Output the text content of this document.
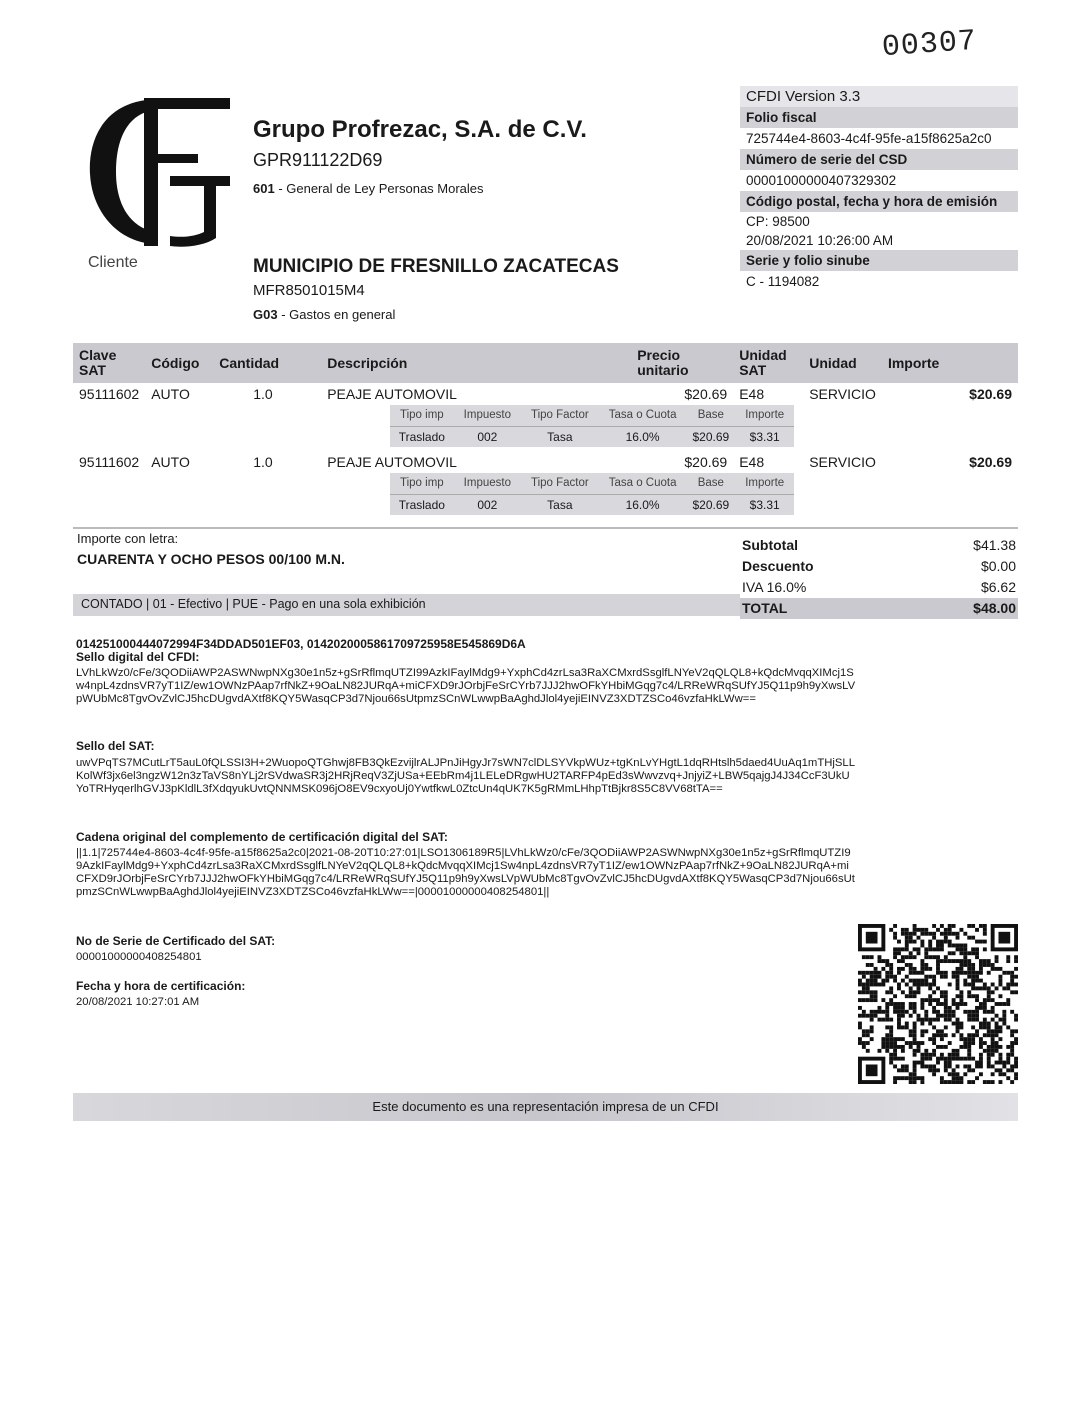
00307
Grupo Profrezac, S.A. de C.V.
GPR911122D69
601 - General de Ley Personas Morales
CFDI Version 3.3
Folio fiscal
725744e4-8603-4c4f-95fe-a15f8625a2c0
Número de serie del CSD
00001000000407329302
Código postal, fecha y hora de emisión
CP: 98500
20/08/2021 10:26:00 AM
Serie y folio sinube
C - 1194082
Cliente	MUNICIPIO DE FRESNILLO ZACATECAS
MFR8501015M4
G03 - Gastos en general
Clave SAT	Código	Cantidad	Descripción	Precio unitario	Unidad SAT	Unidad	Importe
95111602	AUTO	1.0	PEAJE AUTOMOVIL	$20.69	E48	SERVICIO	$20.69

Tipo imp	Impuesto	Tipo Factor	Tasa o Cuota	Base	Importe
Traslado	002	Tasa	16.0%	$20.69	$3.31

95111602	AUTO	1.0	PEAJE AUTOMOVIL	$20.69	E48	SERVICIO	$20.69

Tipo imp	Impuesto	Tipo Factor	Tasa o Cuota	Base	Importe
Traslado	002	Tasa	16.0%	$20.69	$3.31
Importe con letra:
CUARENTA Y OCHO PESOS 00/100 M.N.
Subtotal	$41.38
Descuento	$0.00
IVA 16.0%	$6.62
TOTAL	$48.00
CONTADO | 01 - Efectivo | PUE - Pago en una sola exhibición
014251000444072994F34DDAD501EF03, 01420200058617097259​58E545869D6A
Sello digital del CFDI:
LVhLkWz0/cFe/3QODiiAWP2ASWNwpNXg30e1n5z+gSrRflmqUTZI99AzkIFaylMdg9+YxphCd4zrLsa3RaXCMxrdSsglfLNYeV2qQLQL8+kQdcMvqqXIMcj1Sw4npL4zdnsVR7yT1IZ/ew1OWNzPAap7rfNkZ+9OaLN82JURqA+miCFXD9rJOrbjFeSrCYrb7JJJ2hwOFkYHbiMGqg7c4/LRReWRqSUfYJ5Q11p9h9yXwsLVpWUbMc8TgvOvZvlCJ5hcDUgvdAXtf8KQY5WasqCP3d7Njou66sUtpmzSCnWLwwpBaAghdJlol4yejiEINVZ3XDTZSCo46vzfaHkLWw==
Sello del SAT:
uwVPqTS7MCutLrT5auL0fQLSSI3H+2WuopoQTGhwj8FB3QkEzvijlrALJPnJiHgyJr7sWN7clDLSYVkpWUz+tgKnLvYHgtL1dqRHtslh5daed4UuAq1mTHjSLLKolWf3jx6el3ngzW12n3zTaVS8nYLj2rSVdwaSR3j2HRjReqV3ZjUSa+EEbRm4j1LELeDRgwHU2TARFP4pEd3sWwvzvq+JnjyiZ+LBW5qajgJ4J34CcF3UkUYoTRHyqerlhGVJ3pKldlL3fXdqyukUvtQNNMSK096jO8EV9cxyoUj0YwtfkwL0ZtcUn4qUK7K5gRMmLHhpTtBjkr8S5C8VV68tTA==
Cadena original del complemento de certificación digital del SAT:
||1.1|725744e4-8603-4c4f-95fe-a15f8625a2c0|2021-08-20T10:27:01|LSO1306189R5|LVhLkWz0/cFe/3QODiiAWP2ASWNwpNXg30e1n5z+gSrRflmqUTZI99AzkIFaylMdg9+YxphCd4zrLsa3RaXCMxrdSsglfLNYeV2qQLQL8+kQdcMvqqXIMcj1Sw4npL4zdnsVR7yT1IZ/ew1OWNzPAap7rfNkZ+9OaLN82JURqA+miCFXD9rJOrbjFeSrCYrb7JJJ2hwOFkYHbiMGqg7c4/LRReWRqSUfYJ5Q11p9h9yXwsLVpWUbMc8TgvOvZvlCJ5hcDUgvdAXtf8KQY5WasqCP3d7Njou66sUtpmzSCnWLwwpBaAghdJlol4yejiEINVZ3XDTZSCo46vzfaHkLWw==|00001000000408254801||
No de Serie de Certificado del SAT:
00001000000408254801
Fecha y hora de certificación:
20/08/2021 10:27:01 AM
Este documento es una representación impresa de un CFDI
